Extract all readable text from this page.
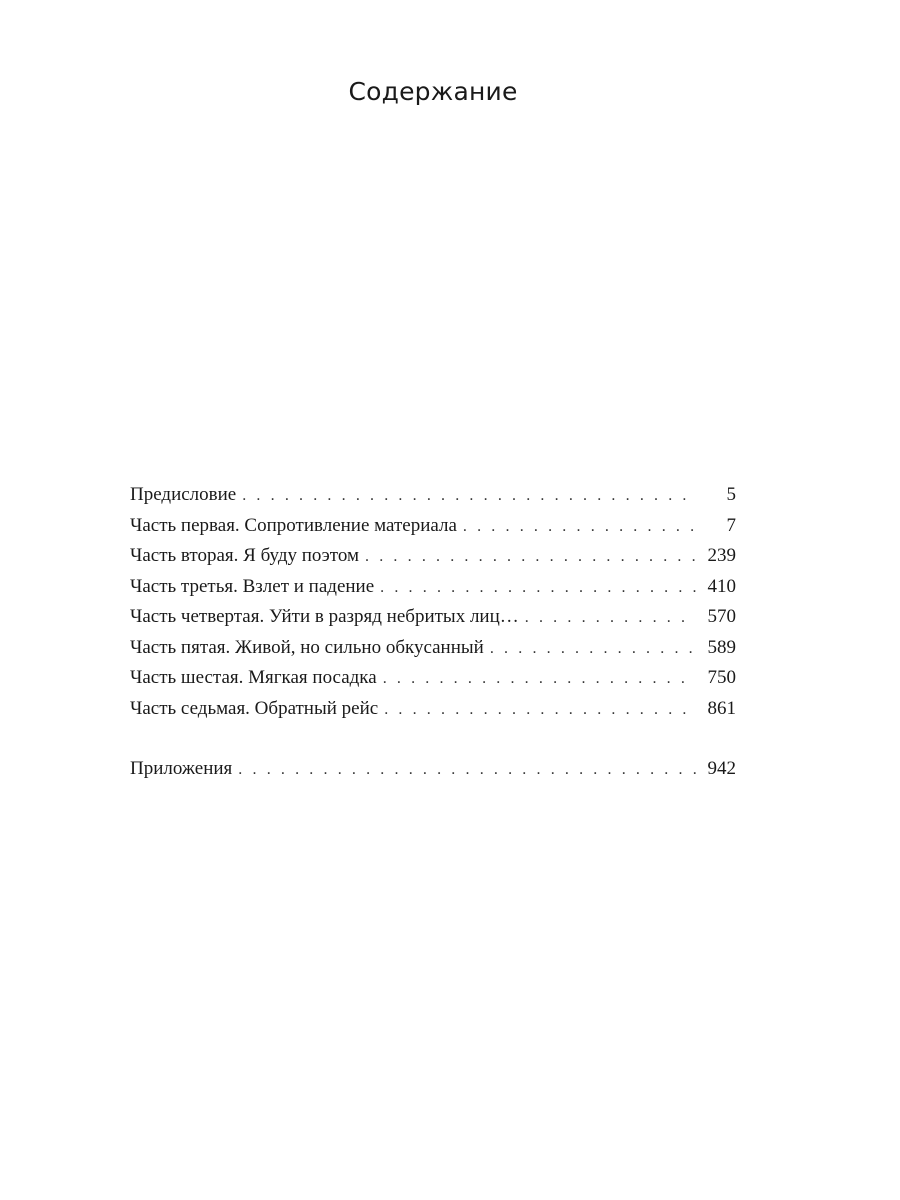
Содержание
Предисловие . . .	5
Часть первая. Сопротивление материала . . .	7
Часть вторая. Я буду поэтом . . .	239
Часть третья. Взлет и падение . . .	410
Часть четвертая. Уйти в разряд небритых лиц… . . .	570
Часть пятая. Живой, но сильно обкусанный . . .	589
Часть шестая. Мягкая посадка . . .	750
Часть седьмая. Обратный рейс . . .	861
Приложения . . .	942
